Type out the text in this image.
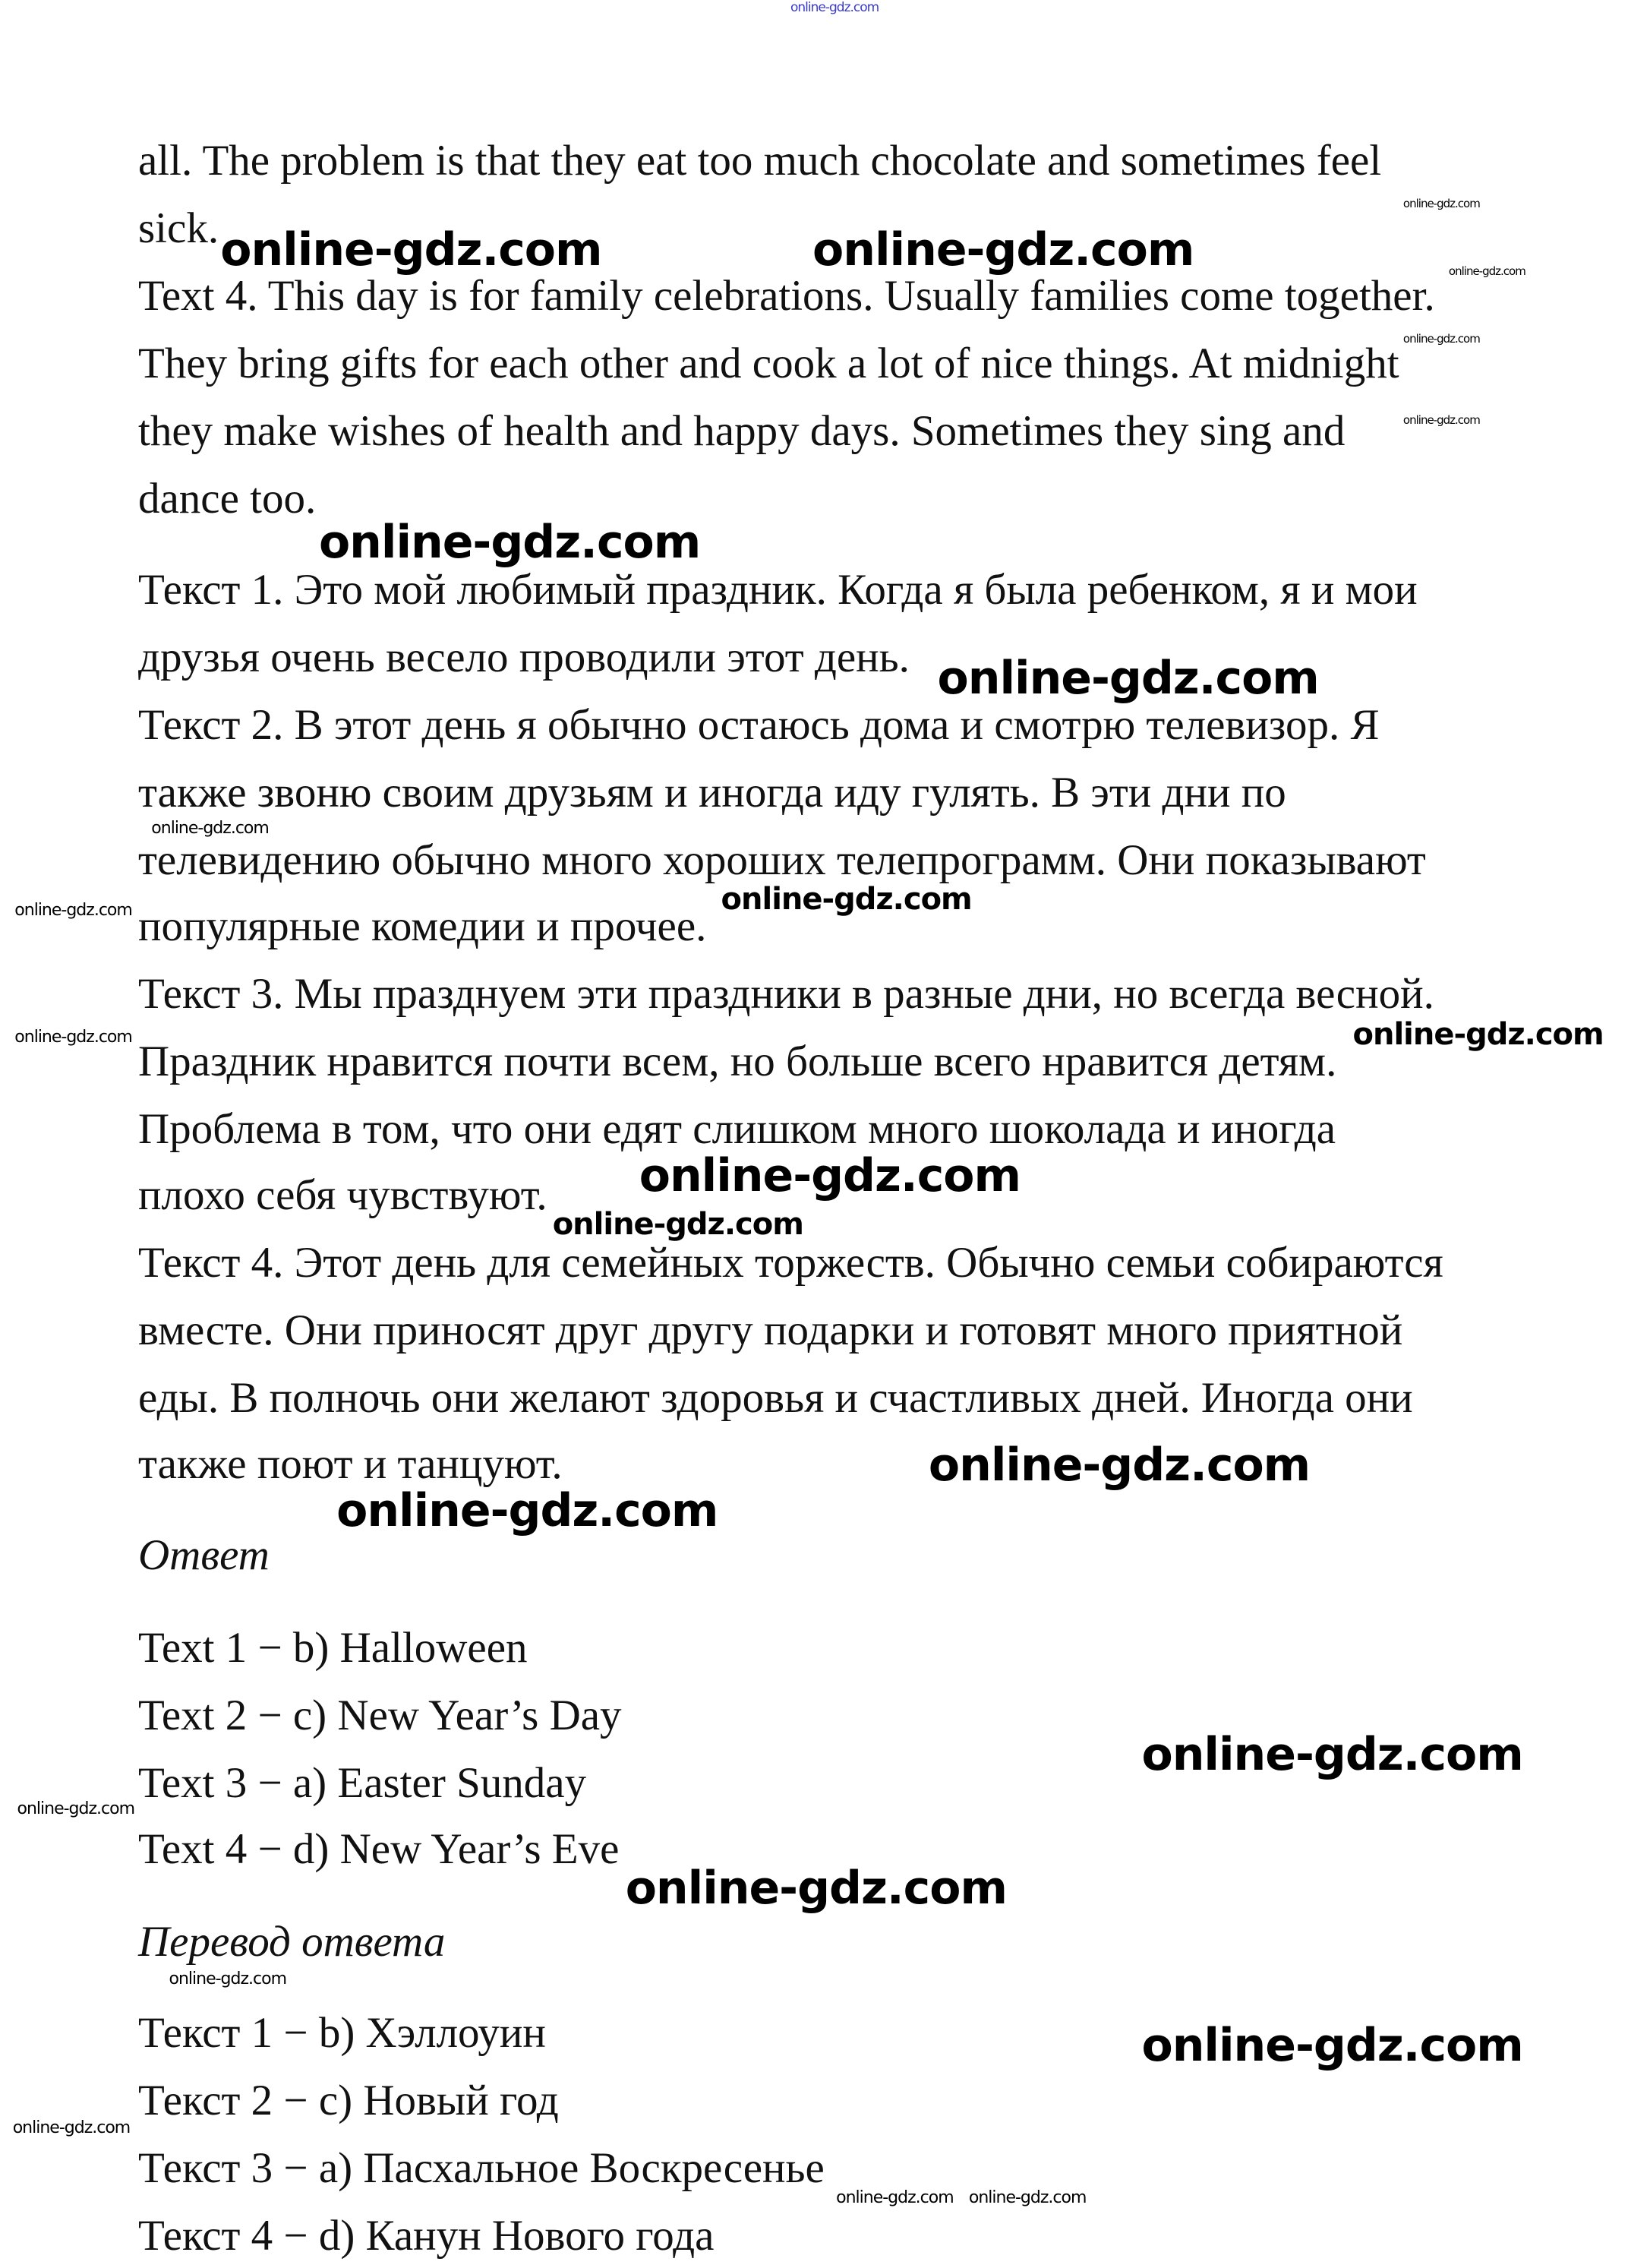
online-gdz.com
all. The problem is that they eat too much chocolate and sometimes feel
sick.
Text 4. This day is for family celebrations. Usually families come together.
They bring gifts for each other and cook a lot of nice things. At midnight
they make wishes of health and happy days. Sometimes they sing and
dance too.
Текст 1. Это мой любимый праздник. Когда я была ребенком, я и мои
друзья очень весело проводили этот день.
Текст 2. В этот день я обычно остаюсь дома и смотрю телевизор. Я
также звоню своим друзьям и иногда иду гулять. В эти дни по
телевидению обычно много хороших телепрограмм. Они показывают
популярные комедии и прочее.
Текст 3. Мы празднуем эти праздники в разные дни, но всегда весной.
Праздник нравится почти всем, но больше всего нравится детям.
Проблема в том, что они едят слишком много шоколада и иногда
плохо себя чувствуют.
Текст 4. Этот день для семейных торжеств. Обычно семьи собираются
вместе. Они приносят друг другу подарки и готовят много приятной
еды. В полночь они желают здоровья и счастливых дней. Иногда они
также поют и танцуют.
Ответ
Text 1 − b) Halloween
Text 2 − c) New Year’s Day
Text 3 − a) Easter Sunday
Text 4 − d) New Year’s Eve
Перевод ответа
Текст 1 − b) Хэллоуин
Текст 2 − c) Новый год
Текст 3 − a) Пасхальное Воскресенье
Текст 4 − d) Канун Нового года
online-gdz.com	online-gdz.com
online-gdz.com
online-gdz.com
online-gdz.com
online-gdz.com
online-gdz.com
online-gdz.com
online-gdz.com
online-gdz.com
online-gdz.com
online-gdz.com
online-gdz.com
online-gdz.com
online-gdz.com
online-gdz.com
online-gdz.com
online-gdz.com
online-gdz.com
online-gdz.com
online-gdz.com
online-gdz.com
online-gdz.com
online-gdz.com online-gdz.com
